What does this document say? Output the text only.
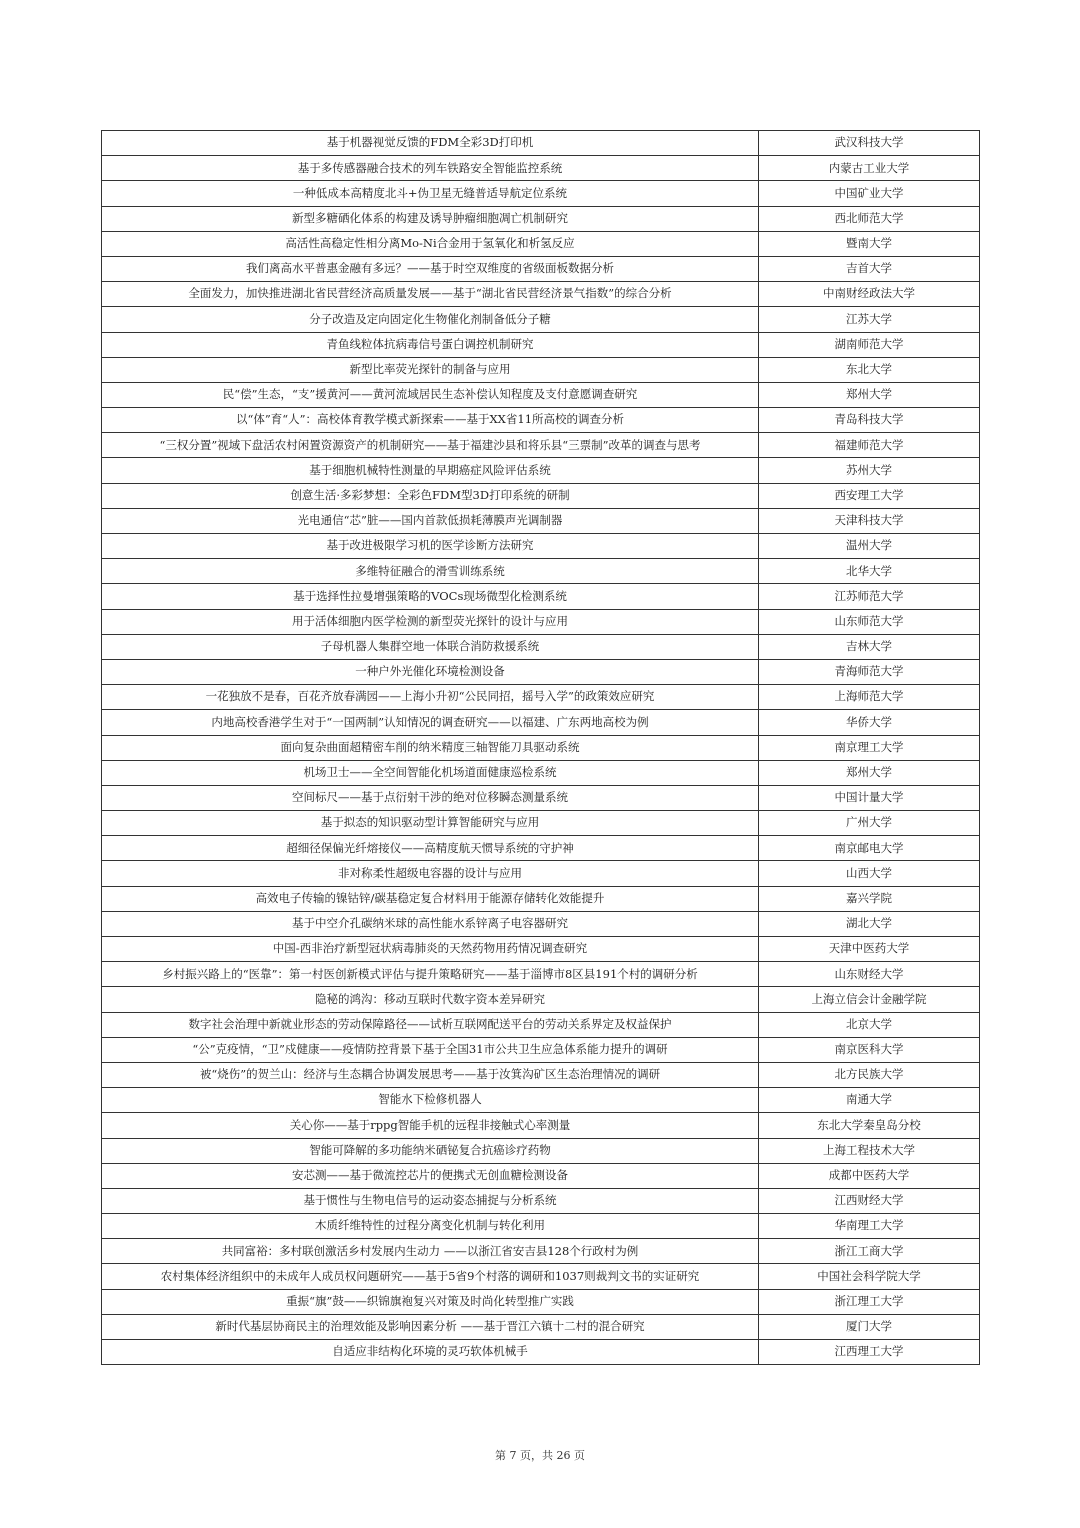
基于机器视觉反馈的FDM全彩3D打印机	武汉科技大学
基于多传感器融合技术的列车铁路安全智能监控系统	内蒙古工业大学
一种低成本高精度北斗+伪卫星无缝普适导航定位系统	中国矿业大学
新型多糖硒化体系的构建及诱导肿瘤细胞凋亡机制研究	西北师范大学
高活性高稳定性相分离Mo-Ni合金用于氢氧化和析氢反应	暨南大学
我们离高水平普惠金融有多远？——基于时空双维度的省级面板数据分析	吉首大学
全面发力，加快推进湖北省民营经济高质量发展——基于“湖北省民营经济景气指数”的综合分析	中南财经政法大学
分子改造及定向固定化生物催化剂制备低分子糖	江苏大学
青鱼线粒体抗病毒信号蛋白调控机制研究	湖南师范大学
新型比率荧光探针的制备与应用	东北大学
民“偿”生态，“支”援黄河——黄河流域居民生态补偿认知程度及支付意愿调查研究	郑州大学
以“体”育“人”：高校体育教学模式新探索——基于XX省11所高校的调查分析	青岛科技大学
“三权分置”视域下盘活农村闲置资源资产的机制研究——基于福建沙县和将乐县“三票制”改革的调查与思考	福建师范大学
基于细胞机械特性测量的早期癌症风险评估系统	苏州大学
创意生活·多彩梦想：全彩色FDM型3D打印系统的研制	西安理工大学
光电通信“芯”脏——国内首款低损耗薄膜声光调制器	天津科技大学
基于改进极限学习机的医学诊断方法研究	温州大学
多维特征融合的滑雪训练系统	北华大学
基于选择性拉曼增强策略的VOCs现场微型化检测系统	江苏师范大学
用于活体细胞内医学检测的新型荧光探针的设计与应用	山东师范大学
子母机器人集群空地一体联合消防救援系统	吉林大学
一种户外光催化环境检测设备	青海师范大学
一花独放不是春，百花齐放春满园——上海小升初“公民同招，摇号入学”的政策效应研究	上海师范大学
内地高校香港学生对于“一国两制”认知情况的调查研究——以福建、广东两地高校为例	华侨大学
面向复杂曲面超精密车削的纳米精度三轴智能刀具驱动系统	南京理工大学
机场卫士——全空间智能化机场道面健康巡检系统	郑州大学
空间标尺——基于点衍射干涉的绝对位移瞬态测量系统	中国计量大学
基于拟态的知识驱动型计算智能研究与应用	广州大学
超细径保偏光纤熔接仪——高精度航天惯导系统的守护神	南京邮电大学
非对称柔性超级电容器的设计与应用	山西大学
高效电子传输的镍钴锌/碳基稳定复合材料用于能源存储转化效能提升	嘉兴学院
基于中空介孔碳纳米球的高性能水系锌离子电容器研究	湖北大学
中国-西非治疗新型冠状病毒肺炎的天然药物用药情况调查研究	天津中医药大学
乡村振兴路上的“医靠”：第一村医创新模式评估与提升策略研究——基于淄博市8区县191个村的调研分析	山东财经大学
隐秘的鸿沟：移动互联时代数字资本差异研究	上海立信会计金融学院
数字社会治理中新就业形态的劳动保障路径——试析互联网配送平台的劳动关系界定及权益保护	北京大学
“公”克疫情，“卫”戍健康——疫情防控背景下基于全国31市公共卫生应急体系能力提升的调研	南京医科大学
被“烧伤”的贺兰山：经济与生态耦合协调发展思考——基于汝箕沟矿区生态治理情况的调研	北方民族大学
智能水下检修机器人	南通大学
关心你——基于rppg智能手机的远程非接触式心率测量	东北大学秦皇岛分校
智能可降解的多功能纳米硒铋复合抗癌诊疗药物	上海工程技术大学
安芯测——基于微流控芯片的便携式无创血糖检测设备	成都中医药大学
基于惯性与生物电信号的运动姿态捕捉与分析系统	江西财经大学
木质纤维特性的过程分离变化机制与转化利用	华南理工大学
共同富裕：多村联创激活乡村发展内生动力 ——以浙江省安吉县128个行政村为例	浙江工商大学
农村集体经济组织中的未成年人成员权问题研究——基于5省9个村落的调研和1037则裁判文书的实证研究	中国社会科学院大学
重振“旗”鼓——织锦旗袍复兴对策及时尚化转型推广实践	浙江理工大学
新时代基层协商民主的治理效能及影响因素分析 ——基于晋江六镇十二村的混合研究	厦门大学
自适应非结构化环境的灵巧软体机械手	江西理工大学
第 7 页，共 26 页
